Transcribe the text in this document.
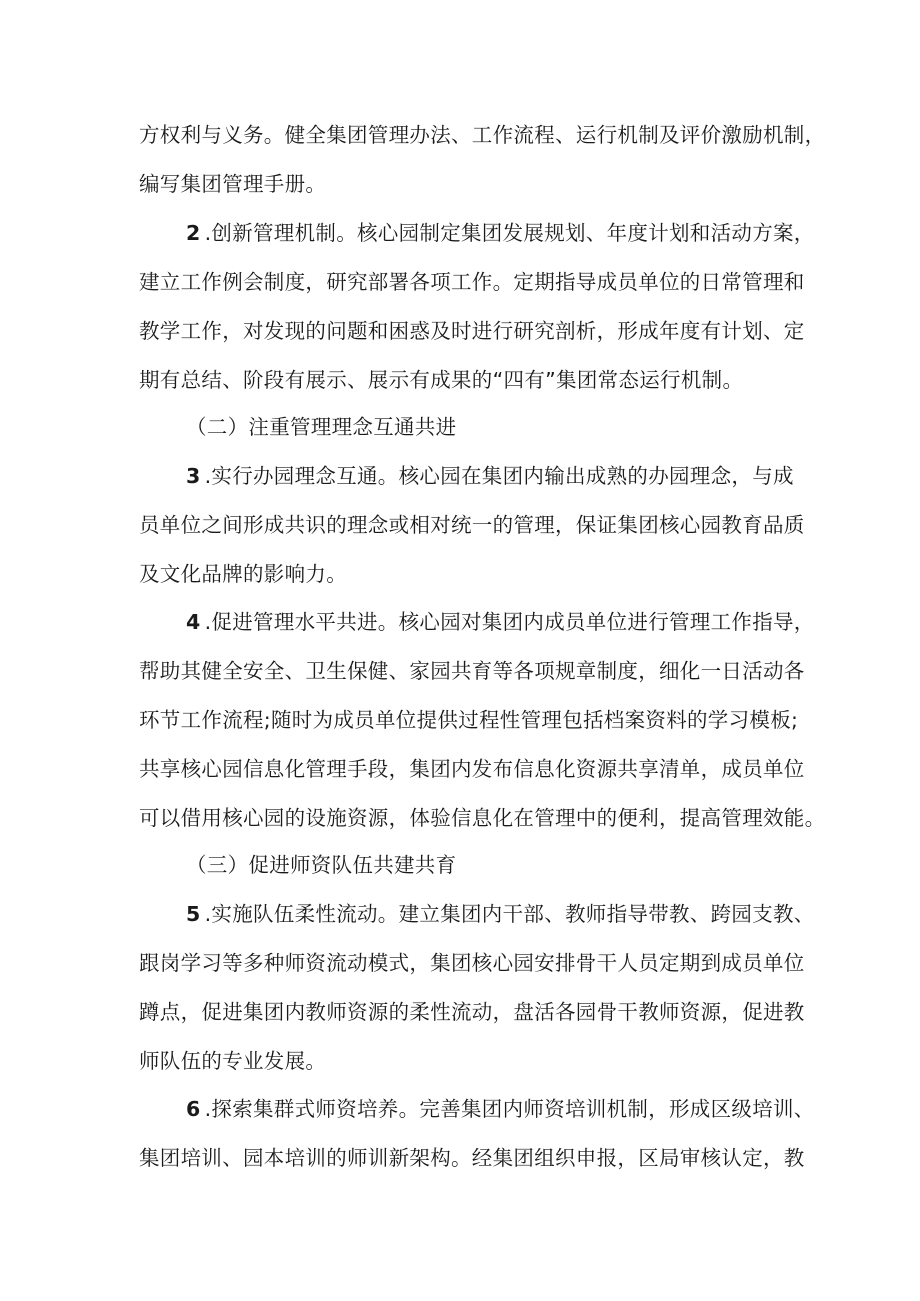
方权利与义务。健全集团管理办法、工作流程、运行机制及评价激励机制，
编写集团管理手册。
2 .创新管理机制。核心园制定集团发展规划、年度计划和活动方案，
建立工作例会制度，研究部署各项工作。定期指导成员单位的日常管理和
教学工作，对发现的问题和困惑及时进行研究剖析，形成年度有计划、定
期有总结、阶段有展示、展示有成果的“四有”集团常态运行机制。
（二）注重管理理念互通共进
3 .实行办园理念互通。核心园在集团内输出成熟的办园理念，与成
员单位之间形成共识的理念或相对统一的管理，保证集团核心园教育品质
及文化品牌的影响力。
4 .促进管理水平共进。核心园对集团内成员单位进行管理工作指导，
帮助其健全安全、卫生保健、家园共育等各项规章制度，细化一日活动各
环节工作流程;随时为成员单位提供过程性管理包括档案资料的学习模板;
共享核心园信息化管理手段，集团内发布信息化资源共享清单，成员单位
可以借用核心园的设施资源，体验信息化在管理中的便利，提高管理效能。
（三）促进师资队伍共建共育
5 .实施队伍柔性流动。建立集团内干部、教师指导带教、跨园支教、
跟岗学习等多种师资流动模式，集团核心园安排骨干人员定期到成员单位
蹲点，促进集团内教师资源的柔性流动，盘活各园骨干教师资源，促进教
师队伍的专业发展。
6 .探索集群式师资培养。完善集团内师资培训机制，形成区级培训、
集团培训、园本培训的师训新架构。经集团组织申报，区局审核认定，教
